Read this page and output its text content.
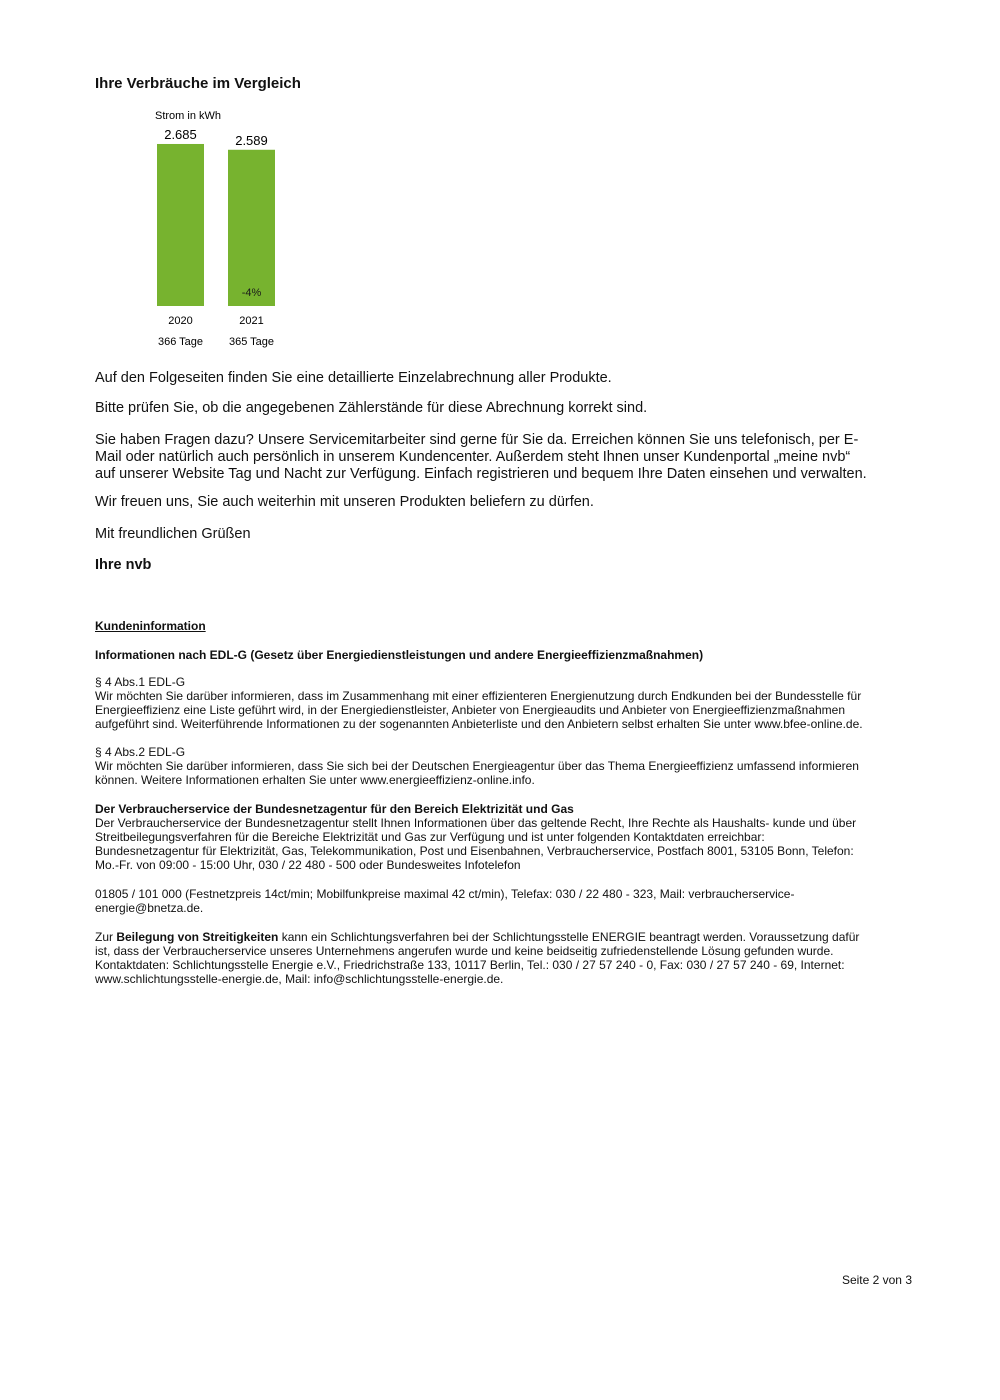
Ihre Verbräuche im Vergleich
Strom in kWh
2.685
2020
366 Tage
2.589
2021
365 Tage
-4%
Auf den Folgeseiten finden Sie eine detaillierte Einzelabrechnung aller Produkte.
Bitte prüfen Sie, ob die angegebenen Zählerstände für diese Abrechnung korrekt sind.
Sie haben Fragen dazu? Unsere Servicemitarbeiter sind gerne für Sie da. Erreichen können Sie uns telefonisch, per E-
Mail oder natürlich auch persönlich in unserem Kundencenter. Außerdem steht Ihnen unser Kundenportal „meine nvb“
auf unserer Website Tag und Nacht zur Verfügung. Einfach registrieren und bequem Ihre Daten einsehen und verwalten.
Wir freuen uns, Sie auch weiterhin mit unseren Produkten beliefern zu dürfen.
Mit freundlichen Grüßen
Ihre nvb
Kundeninformation
Informationen nach EDL-G (Gesetz über Energiedienstleistungen und andere Energieeffizienzmaßnahmen)
§ 4 Abs.1 EDL-G
Wir möchten Sie darüber informieren, dass im Zusammenhang mit einer effizienteren Energienutzung durch Endkunden bei der Bundesstelle für
Energieeffizienz eine Liste geführt wird, in der Energiedienstleister, Anbieter von Energieaudits und Anbieter von Energieeffizienzmaßnahmen
aufgeführt sind. Weiterführende Informationen zu der sogenannten Anbieterliste und den Anbietern selbst erhalten Sie unter www.bfee-online.de.
§ 4 Abs.2 EDL-G
Wir möchten Sie darüber informieren, dass Sie sich bei der Deutschen Energieagentur über das Thema Energieeffizienz umfassend informieren
können. Weitere Informationen erhalten Sie unter www.energieeffizienz-online.info.
Der Verbraucherservice der Bundesnetzagentur für den Bereich Elektrizität und Gas
Der Verbraucherservice der Bundesnetzagentur stellt Ihnen Informationen über das geltende Recht, Ihre Rechte als Haushalts- kunde und über
Streitbeilegungsverfahren für die Bereiche Elektrizität und Gas zur Verfügung und ist unter folgenden Kontaktdaten erreichbar:
Bundesnetzagentur für Elektrizität, Gas, Telekommunikation, Post und Eisenbahnen, Verbraucherservice, Postfach 8001, 53105 Bonn, Telefon:
Mo.-Fr. von 09:00 - 15:00 Uhr, 030 / 22 480 - 500 oder Bundesweites Infotelefon
01805 / 101 000 (Festnetzpreis 14ct/min; Mobilfunkpreise maximal 42 ct/min), Telefax: 030 / 22 480 - 323, Mail: verbraucherservice-
energie@bnetza.de.
Zur Beilegung von Streitigkeiten kann ein Schlichtungsverfahren bei der Schlichtungsstelle ENERGIE beantragt werden. Voraussetzung dafür
ist, dass der Verbraucherservice unseres Unternehmens angerufen wurde und keine beidseitig zufriedenstellende Lösung gefunden wurde.
Kontaktdaten: Schlichtungsstelle Energie e.V., Friedrichstraße 133, 10117 Berlin, Tel.: 030 / 27 57 240 - 0, Fax: 030 / 27 57 240 - 69, Internet:
www.schlichtungsstelle-energie.de, Mail: info@schlichtungsstelle-energie.de.
Seite 2 von 3
